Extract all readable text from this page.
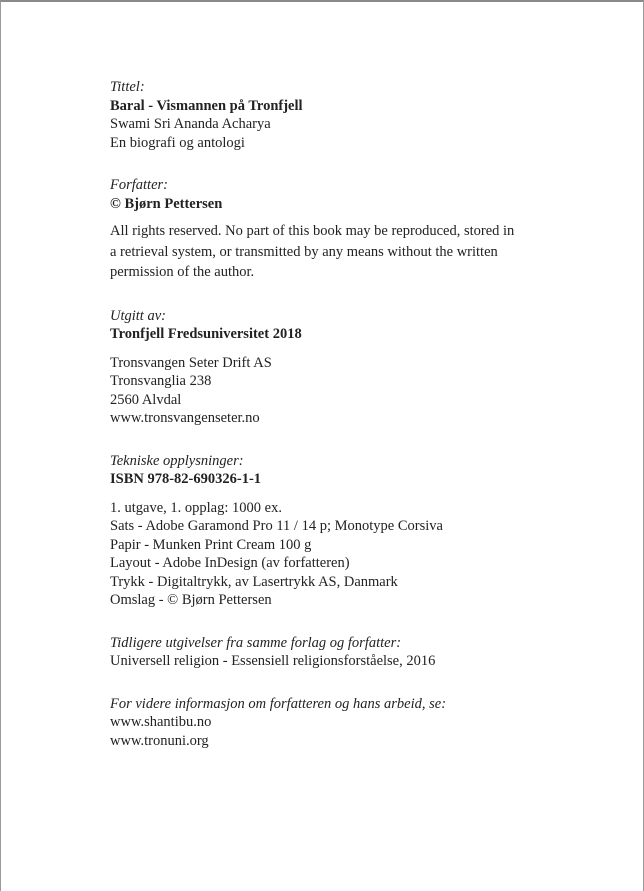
Tittel:
Baral - Vismannen på Tronfjell
Swami Sri Ananda Acharya
En biografi og antologi
Forfatter:
© Bjørn Pettersen
All rights reserved. No part of this book may be reproduced, stored in
a retrieval system, or transmitted by any means without the written
permission of the author.
Utgitt av:
Tronfjell Fredsuniversitet 2018
Tronsvangen Seter Drift AS
Tronsvanglia 238
2560 Alvdal
www.tronsvangenseter.no
Tekniske opplysninger:
ISBN 978-82-690326-1-1
1. utgave, 1. opplag: 1000 ex.
Sats - Adobe Garamond Pro 11 / 14 p; Monotype Corsiva
Papir - Munken Print Cream 100 g
Layout - Adobe InDesign (av forfatteren)
Trykk - Digitaltrykk, av Lasertrykk AS, Danmark
Omslag - © Bjørn Pettersen
Tidligere utgivelser fra samme forlag og forfatter:
Universell religion - Essensiell religionsforståelse, 2016
For videre informasjon om forfatteren og hans arbeid, se:
www.shantibu.no
www.tronuni.org
